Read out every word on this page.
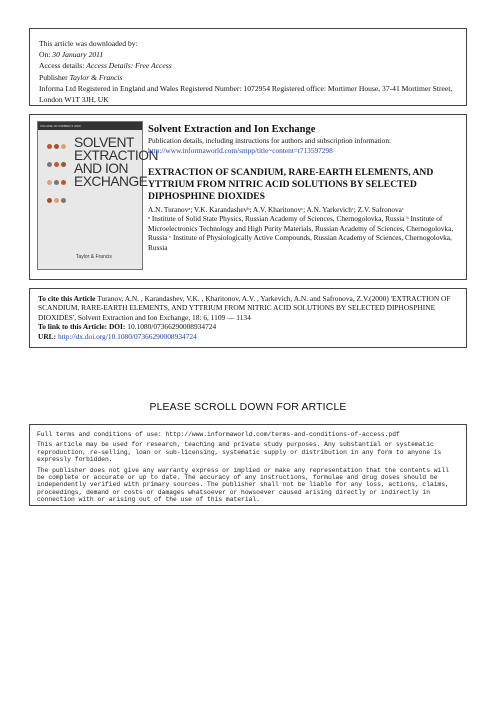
This article was downloaded by:
On: 30 January 2011
Access details: Access Details: Free Access
Publisher Taylor & Francis
Informa Ltd Registered in England and Wales Registered Number: 1072954 Registered office: Mortimer House, 37-41 Mortimer Street, London W1T 3JH, UK
VOLUME 18 NUMBER 6 2000
SOLVENT
EXTRACTION
AND ION
EXCHANGE
Taylor & Francis
Solvent Extraction and Ion Exchange
Publication details, including instructions for authors and subscription information:
http://www.informaworld.com/smpp/title~content=t713597298
EXTRACTION OF SCANDIUM, RARE-EARTH ELEMENTS, AND YTTRIUM FROM NITRIC ACID SOLUTIONS BY SELECTED DIPHOSPHINE DIOXIDES
A.N. Turanovᵃ; V.K. Karandashevᵇ; A.V. Kharitonovᶜ; A.N. Yarkevichᶜ; Z.V. Safronovaᶜ
ᵃ Institute of Solid State Physics, Russian Academy of Sciences, Chernogolovka, Russia ᵇ Institute of Microelectronics Technology and High Purity Materials, Russian Academy of Sciences, Chernogolovka, Russia ᶜ Institute of Physiologically Active Compounds, Russian Academy of Sciences, Chernogolovka, Russia
To cite this Article Turanov, A.N. , Karandashev, V.K. , Kharitonov, A.V. , Yarkevich, A.N. and Safronova, Z.V.(2000) 'EXTRACTION OF SCANDIUM, RARE-EARTH ELEMENTS, AND YTTRIUM FROM NITRIC ACID SOLUTIONS BY SELECTED DIPHOSPHINE DIOXIDES', Solvent Extraction and Ion Exchange, 18: 6, 1109 — 1134
To link to this Article: DOI: 10.1080/07366290008934724
URL: http://dx.doi.org/10.1080/07366290008934724
PLEASE SCROLL DOWN FOR ARTICLE

Full terms and conditions of use: http://www.informaworld.com/terms-and-conditions-of-access.pdf

This article may be used for research, teaching and private study purposes. Any substantial or systematic reproduction, re-selling, loan or sub-licensing, systematic supply or distribution in any form to anyone is expressly forbidden.

The publisher does not give any warranty express or implied or make any representation that the contents will be complete or accurate or up to date. The accuracy of any instructions, formulae and drug doses should be independently verified with primary sources. The publisher shall not be liable for any loss, actions, claims, proceedings, demand or costs or damages whatsoever or howsoever caused arising directly or indirectly in connection with or arising out of the use of this material.
